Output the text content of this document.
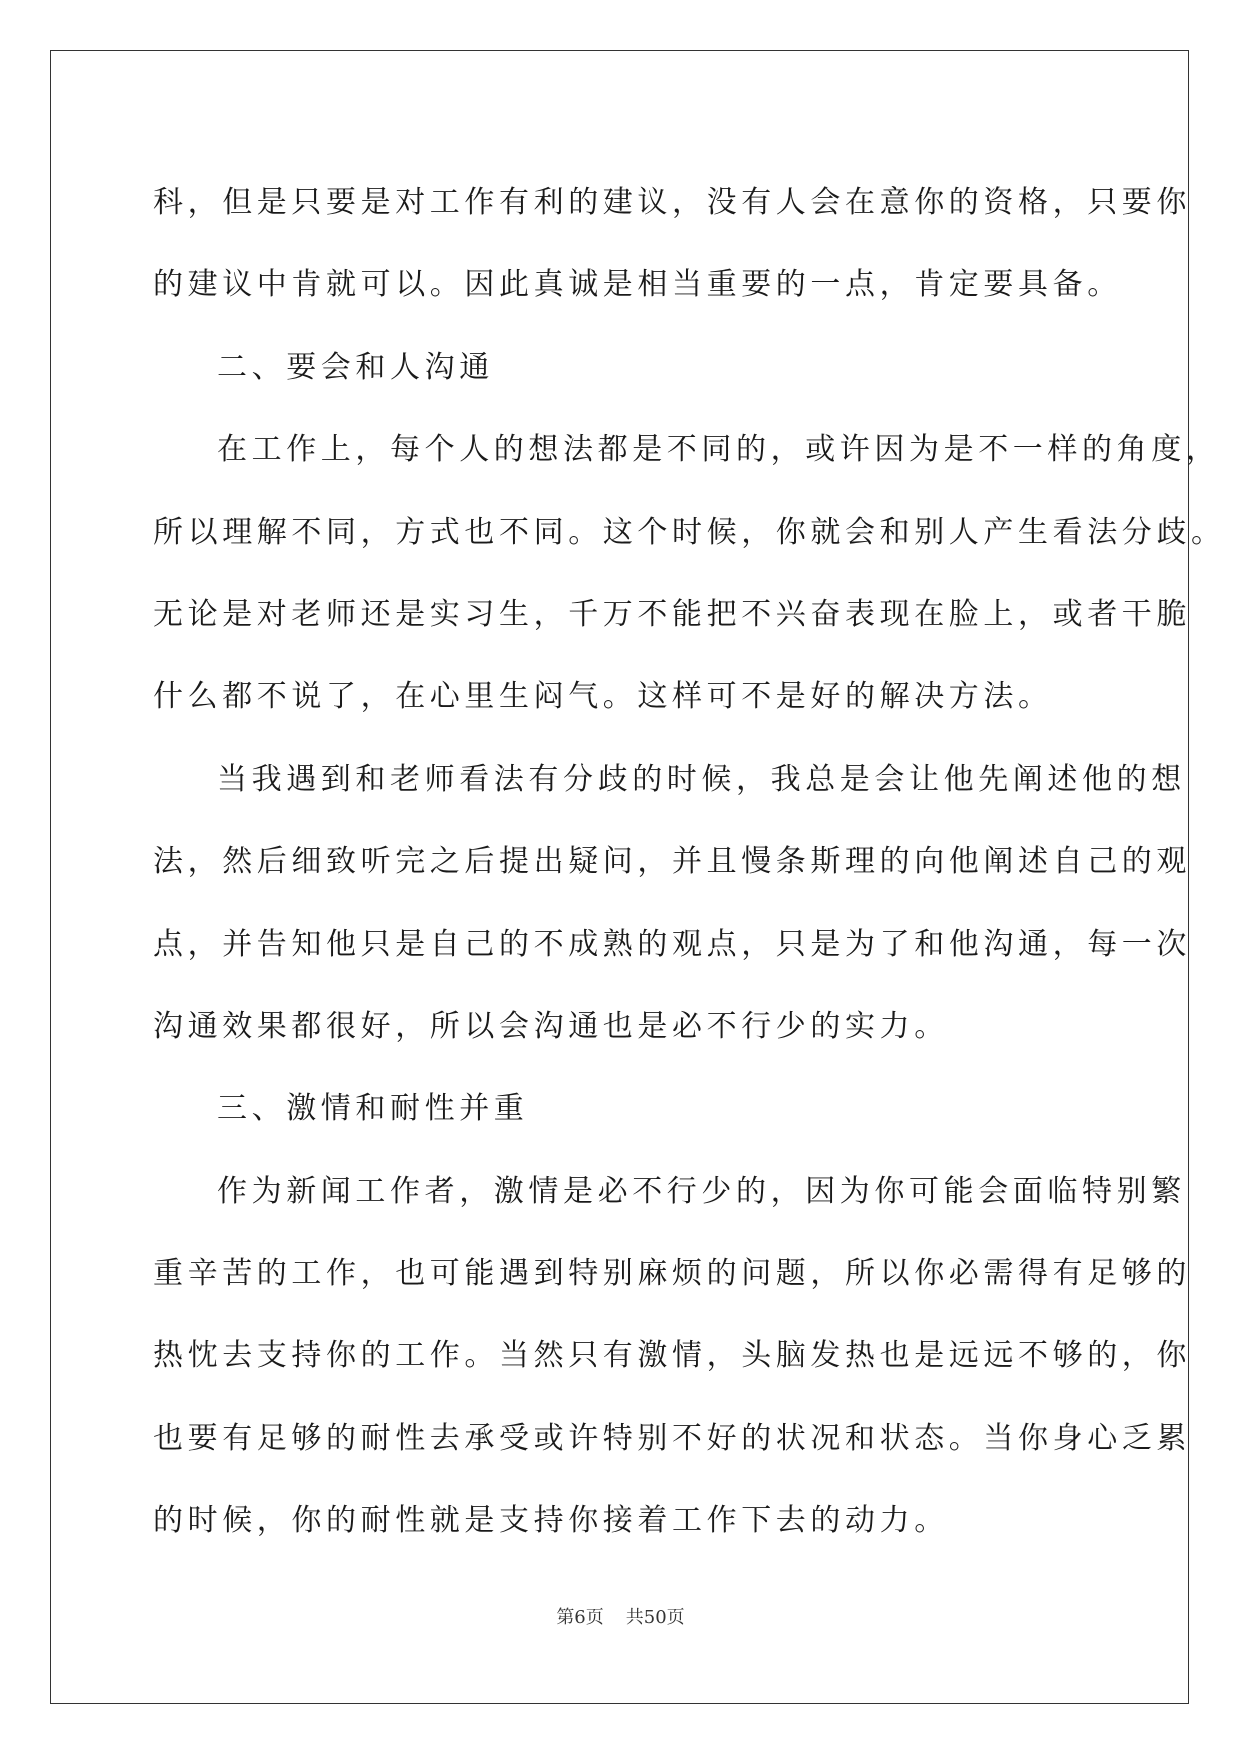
科，但是只要是对工作有利的建议，没有人会在意你的资格，只要你

的建议中肯就可以。因此真诚是相当重要的一点，肯定要具备。

二、要会和人沟通

在工作上，每个人的想法都是不同的，或许因为是不一样的角度，

所以理解不同，方式也不同。这个时候，你就会和别人产生看法分歧。

无论是对老师还是实习生，千万不能把不兴奋表现在脸上，或者干脆

什么都不说了，在心里生闷气。这样可不是好的解决方法。

当我遇到和老师看法有分歧的时候，我总是会让他先阐述他的想

法，然后细致听完之后提出疑问，并且慢条斯理的向他阐述自己的观

点，并告知他只是自己的不成熟的观点，只是为了和他沟通，每一次

沟通效果都很好，所以会沟通也是必不行少的实力。

三、激情和耐性并重

作为新闻工作者，激情是必不行少的，因为你可能会面临特别繁

重辛苦的工作，也可能遇到特别麻烦的问题，所以你必需得有足够的

热忱去支持你的工作。当然只有激情，头脑发热也是远远不够的，你

也要有足够的耐性去承受或许特别不好的状况和状态。当你身心乏累

的时候，你的耐性就是支持你接着工作下去的动力。

第6页 共50页
